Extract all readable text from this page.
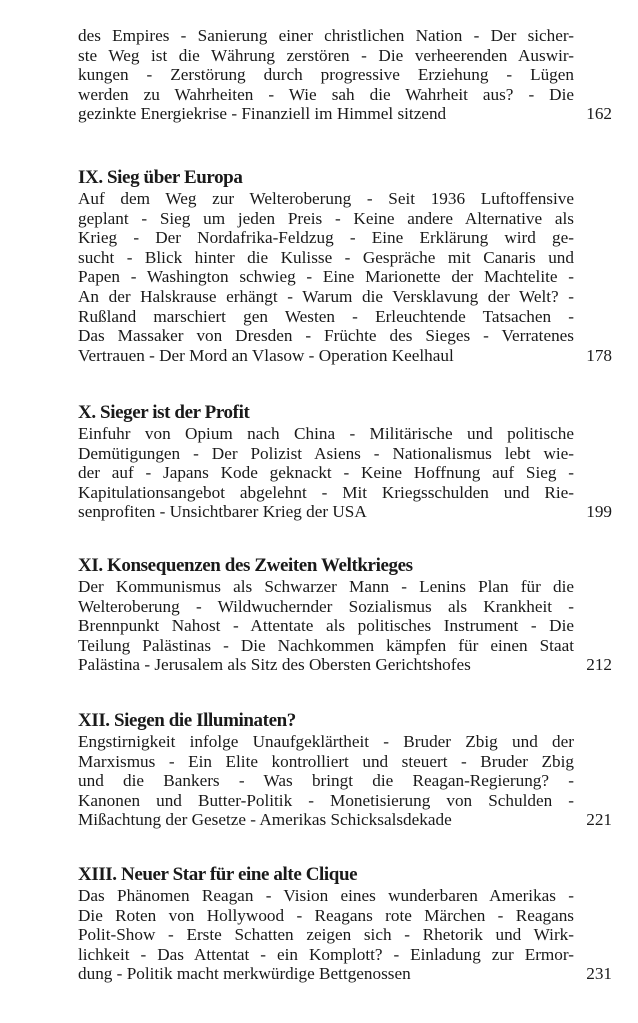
des Empires - Sanierung einer christlichen Nation - Der sicher-
ste Weg ist die Währung zerstören - Die verheerenden Auswir-
kungen - Zerstörung durch progressive Erziehung - Lügen
werden zu Wahrheiten - Wie sah die Wahrheit aus? - Die
gezinkte Energiekrise - Finanziell im Himmel sitzend	162
IX. Sieg über Europa
Auf dem Weg zur Welteroberung - Seit 1936 Luftoffensive
geplant - Sieg um jeden Preis - Keine andere Alternative als
Krieg - Der Nordafrika-Feldzug - Eine Erklärung wird ge-
sucht - Blick hinter die Kulisse - Gespräche mit Canaris und
Papen - Washington schwieg - Eine Marionette der Machtelite -
An der Halskrause erhängt - Warum die Versklavung der Welt? -
Rußland marschiert gen Westen - Erleuchtende Tatsachen -
Das Massaker von Dresden - Früchte des Sieges - Verratenes
Vertrauen - Der Mord an Vlasow - Operation Keelhaul	178
X. Sieger ist der Profit
Einfuhr von Opium nach China - Militärische und politische
Demütigungen - Der Polizist Asiens - Nationalismus lebt wie-
der auf - Japans Kode geknackt - Keine Hoffnung auf Sieg -
Kapitulationsangebot abgelehnt - Mit Kriegsschulden und Rie-
senprofiten - Unsichtbarer Krieg der USA	199
XI. Konsequenzen des Zweiten Weltkrieges
Der Kommunismus als Schwarzer Mann - Lenins Plan für die
Welteroberung - Wildwuchernder Sozialismus als Krankheit -
Brennpunkt Nahost - Attentate als politisches Instrument - Die
Teilung Palästinas - Die Nachkommen kämpfen für einen Staat
Palästina - Jerusalem als Sitz des Obersten Gerichtshofes	212
XII. Siegen die Illuminaten?
Engstirnigkeit infolge Unaufgeklärtheit - Bruder Zbig und der
Marxismus - Ein Elite kontrolliert und steuert - Bruder Zbig
und die Bankers - Was bringt die Reagan-Regierung? -
Kanonen und Butter-Politik - Monetisierung von Schulden -
Mißachtung der Gesetze - Amerikas Schicksalsdekade	221
XIII. Neuer Star für eine alte Clique
Das Phänomen Reagan - Vision eines wunderbaren Amerikas -
Die Roten von Hollywood - Reagans rote Märchen - Reagans
Polit-Show - Erste Schatten zeigen sich - Rhetorik und Wirk-
lichkeit - Das Attentat - ein Komplott? - Einladung zur Ermor-
dung - Politik macht merkwürdige Bettgenossen	231
